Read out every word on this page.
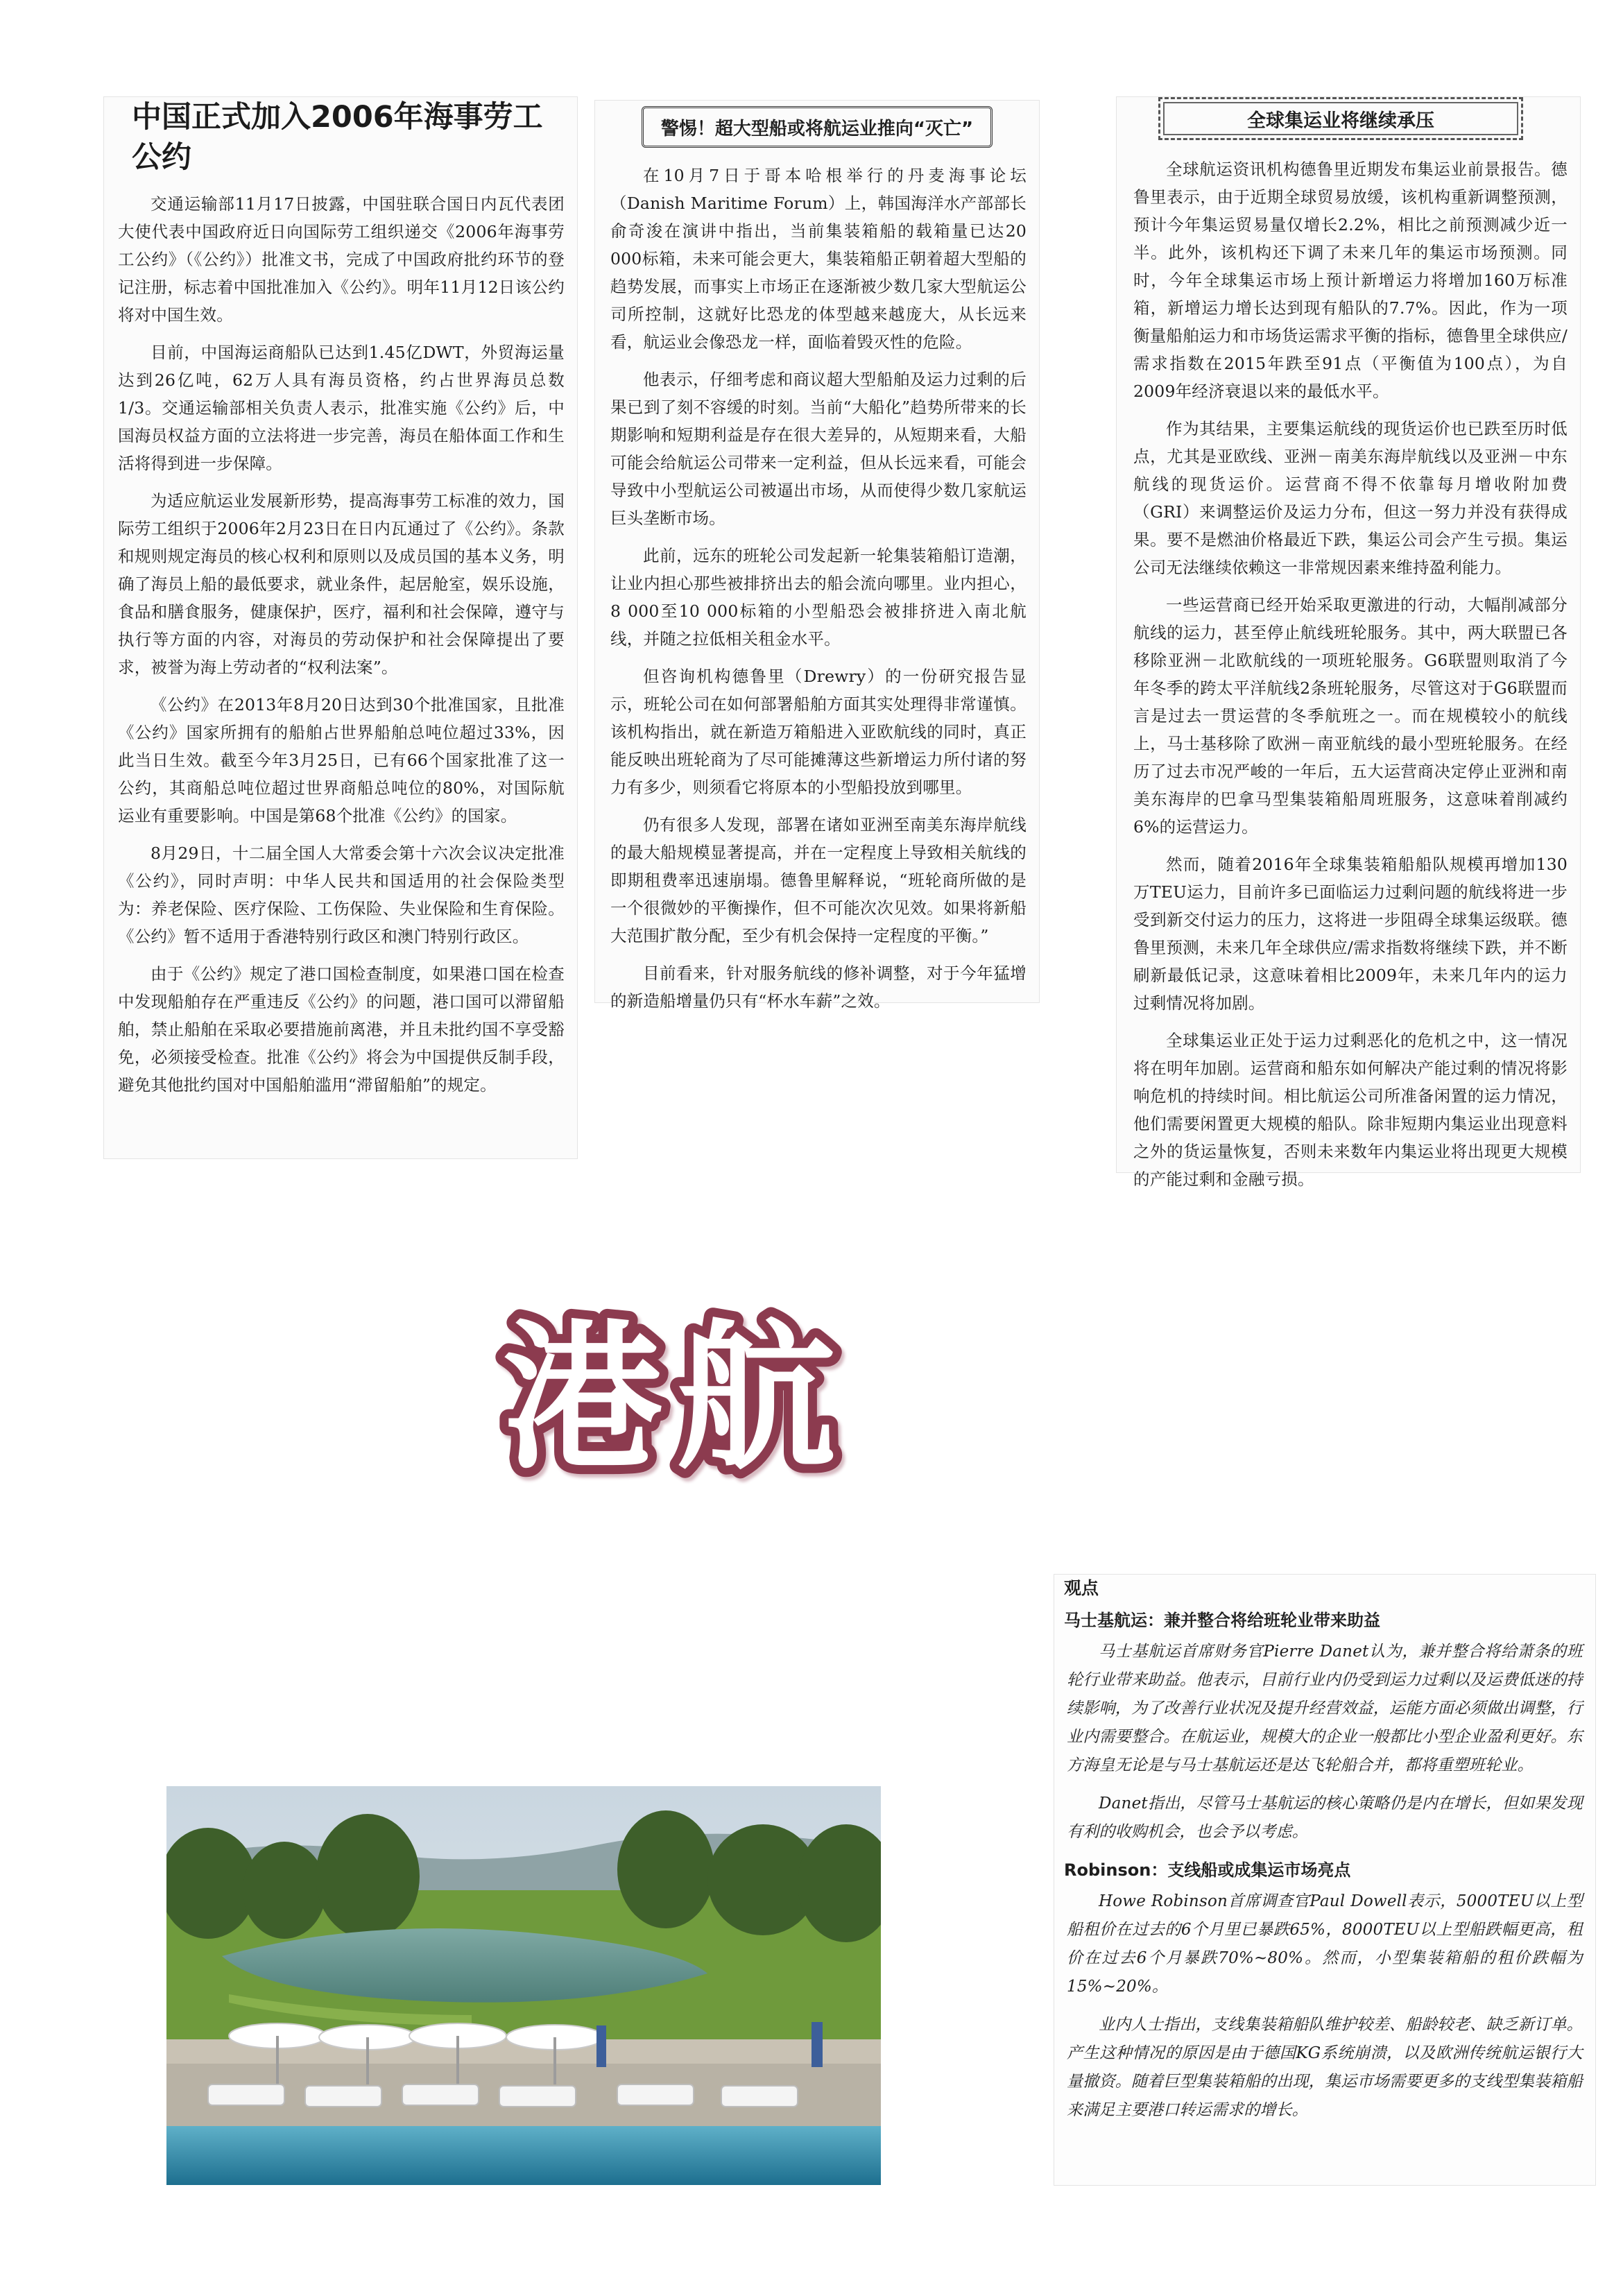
中国正式加入2006年海事劳工公约

交通运输部11月17日披露，中国驻联合国日内瓦代表团大使代表中国政府近日向国际劳工组织递交《2006年海事劳工公约》（《公约》）批准文书，完成了中国政府批约环节的登记注册，标志着中国批准加入《公约》。明年11月12日该公约将对中国生效。

目前，中国海运商船队已达到1.45亿DWT，外贸海运量达到26亿吨，62万人具有海员资格，约占世界海员总数1/3。交通运输部相关负责人表示，批准实施《公约》后，中国海员权益方面的立法将进一步完善，海员在船体面工作和生活将得到进一步保障。

为适应航运业发展新形势，提高海事劳工标准的效力，国际劳工组织于2006年2月23日在日内瓦通过了《公约》。条款和规则规定海员的核心权利和原则以及成员国的基本义务，明确了海员上船的最低要求，就业条件，起居舱室，娱乐设施，食品和膳食服务，健康保护，医疗，福利和社会保障，遵守与执行等方面的内容，对海员的劳动保护和社会保障提出了要求，被誉为海上劳动者的“权利法案”。

《公约》在2013年8月20日达到30个批准国家，且批准《公约》国家所拥有的船舶占世界船舶总吨位超过33%，因此当日生效。截至今年3月25日，已有66个国家批准了这一公约，其商船总吨位超过世界商船总吨位的80%，对国际航运业有重要影响。中国是第68个批准《公约》的国家。

8月29日，十二届全国人大常委会第十六次会议决定批准《公约》，同时声明：中华人民共和国适用的社会保险类型为：养老保险、医疗保险、工伤保险、失业保险和生育保险。《公约》暂不适用于香港特别行政区和澳门特别行政区。

由于《公约》规定了港口国检查制度，如果港口国在检查中发现船舶存在严重违反《公约》的问题，港口国可以滞留船舶，禁止船舶在采取必要措施前离港，并且未批约国不享受豁免，必须接受检查。批准《公约》将会为中国提供反制手段，避免其他批约国对中国船舶滥用“滞留船舶”的规定。

警惕！超大型船或将航运业推向“灭亡”

在10月7日于哥本哈根举行的丹麦海事论坛（Danish Maritime Forum）上，韩国海洋水产部部长俞奇浚在演讲中指出，当前集装箱船的载箱量已达20 000标箱，未来可能会更大，集装箱船正朝着超大型船的趋势发展，而事实上市场正在逐渐被少数几家大型航运公司所控制，这就好比恐龙的体型越来越庞大，从长远来看，航运业会像恐龙一样，面临着毁灭性的危险。

他表示，仔细考虑和商议超大型船舶及运力过剩的后果已到了刻不容缓的时刻。当前“大船化”趋势所带来的长期影响和短期利益是存在很大差异的，从短期来看，大船可能会给航运公司带来一定利益，但从长远来看，可能会导致中小型航运公司被逼出市场，从而使得少数几家航运巨头垄断市场。

此前，远东的班轮公司发起新一轮集装箱船订造潮，让业内担心那些被排挤出去的船会流向哪里。业内担心，8 000至10 000标箱的小型船恐会被排挤进入南北航线，并随之拉低相关租金水平。

但咨询机构德鲁里（Drewry）的一份研究报告显示，班轮公司在如何部署船舶方面其实处理得非常谨慎。该机构指出，就在新造万箱船进入亚欧航线的同时，真正能反映出班轮商为了尽可能摊薄这些新增运力所付诸的努力有多少，则须看它将原本的小型船投放到哪里。

仍有很多人发现，部署在诸如亚洲至南美东海岸航线的最大船规模显著提高，并在一定程度上导致相关航线的即期租费率迅速崩塌。德鲁里解释说，“班轮商所做的是一个很微妙的平衡操作，但不可能次次见效。如果将新船大范围扩散分配，至少有机会保持一定程度的平衡。”

目前看来，针对服务航线的修补调整，对于今年猛增的新造船增量仍只有“杯水车薪”之效。

全球集运业将继续承压

全球航运资讯机构德鲁里近期发布集运业前景报告。德鲁里表示，由于近期全球贸易放缓，该机构重新调整预测，预计今年集运贸易量仅增长2.2%，相比之前预测减少近一半。此外，该机构还下调了未来几年的集运市场预测。同时，今年全球集运市场上预计新增运力将增加160万标准箱，新增运力增长达到现有船队的7.7%。因此，作为一项衡量船舶运力和市场货运需求平衡的指标，德鲁里全球供应/需求指数在2015年跌至91点（平衡值为100点），为自2009年经济衰退以来的最低水平。

作为其结果，主要集运航线的现货运价也已跌至历时低点，尤其是亚欧线、亚洲－南美东海岸航线以及亚洲－中东航线的现货运价。运营商不得不依靠每月增收附加费（GRI）来调整运价及运力分布，但这一努力并没有获得成果。要不是燃油价格最近下跌，集运公司会产生亏损。集运公司无法继续依赖这一非常规因素来维持盈利能力。

一些运营商已经开始采取更激进的行动，大幅削减部分航线的运力，甚至停止航线班轮服务。其中，两大联盟已各移除亚洲－北欧航线的一项班轮服务。G6联盟则取消了今年冬季的跨太平洋航线2条班轮服务，尽管这对于G6联盟而言是过去一贯运营的冬季航班之一。而在规模较小的航线上，马士基移除了欧洲－南亚航线的最小型班轮服务。在经历了过去市况严峻的一年后，五大运营商决定停止亚洲和南美东海岸的巴拿马型集装箱船周班服务，这意味着削减约6%的运营运力。

然而，随着2016年全球集装箱船船队规模再增加130万TEU运力，目前许多已面临运力过剩问题的航线将进一步受到新交付运力的压力，这将进一步阻碍全球集运级联。德鲁里预测，未来几年全球供应/需求指数将继续下跌，并不断刷新最低记录，这意味着相比2009年，未来几年内的运力过剩情况将加剧。

全球集运业正处于运力过剩恶化的危机之中，这一情况将在明年加剧。运营商和船东如何解决产能过剩的情况将影响危机的持续时间。相比航运公司所准备闲置的运力情况，他们需要闲置更大规模的船队。除非短期内集运业出现意料之外的货运量恢复，否则未来数年内集运业将出现更大规模的产能过剩和金融亏损。

港航
观点
马士基航运：兼并整合将给班轮业带来助益

马士基航运首席财务官Pierre Danet认为，兼并整合将给萧条的班轮行业带来助益。他表示，目前行业内仍受到运力过剩以及运费低迷的持续影响，为了改善行业状况及提升经营效益，运能方面必须做出调整，行业内需要整合。在航运业，规模大的企业一般都比小型企业盈利更好。东方海皇无论是与马士基航运还是达飞轮船合并，都将重塑班轮业。

Danet指出，尽管马士基航运的核心策略仍是内在增长，但如果发现有利的收购机会，也会予以考虑。

Robinson：支线船或成集运市场亮点

Howe Robinson首席调查官Paul Dowell表示，5000TEU以上型船租价在过去的6个月里已暴跌65%，8000TEU以上型船跌幅更高，租价在过去6个月暴跌70%~80%。然而，小型集装箱船的租价跌幅为15%~20%。

业内人士指出，支线集装箱船队维护较差、船龄较老、缺乏新订单。产生这种情况的原因是由于德国KG系统崩溃，以及欧洲传统航运银行大量撤资。随着巨型集装箱船的出现，集运市场需要更多的支线型集装箱船来满足主要港口转运需求的增长。
